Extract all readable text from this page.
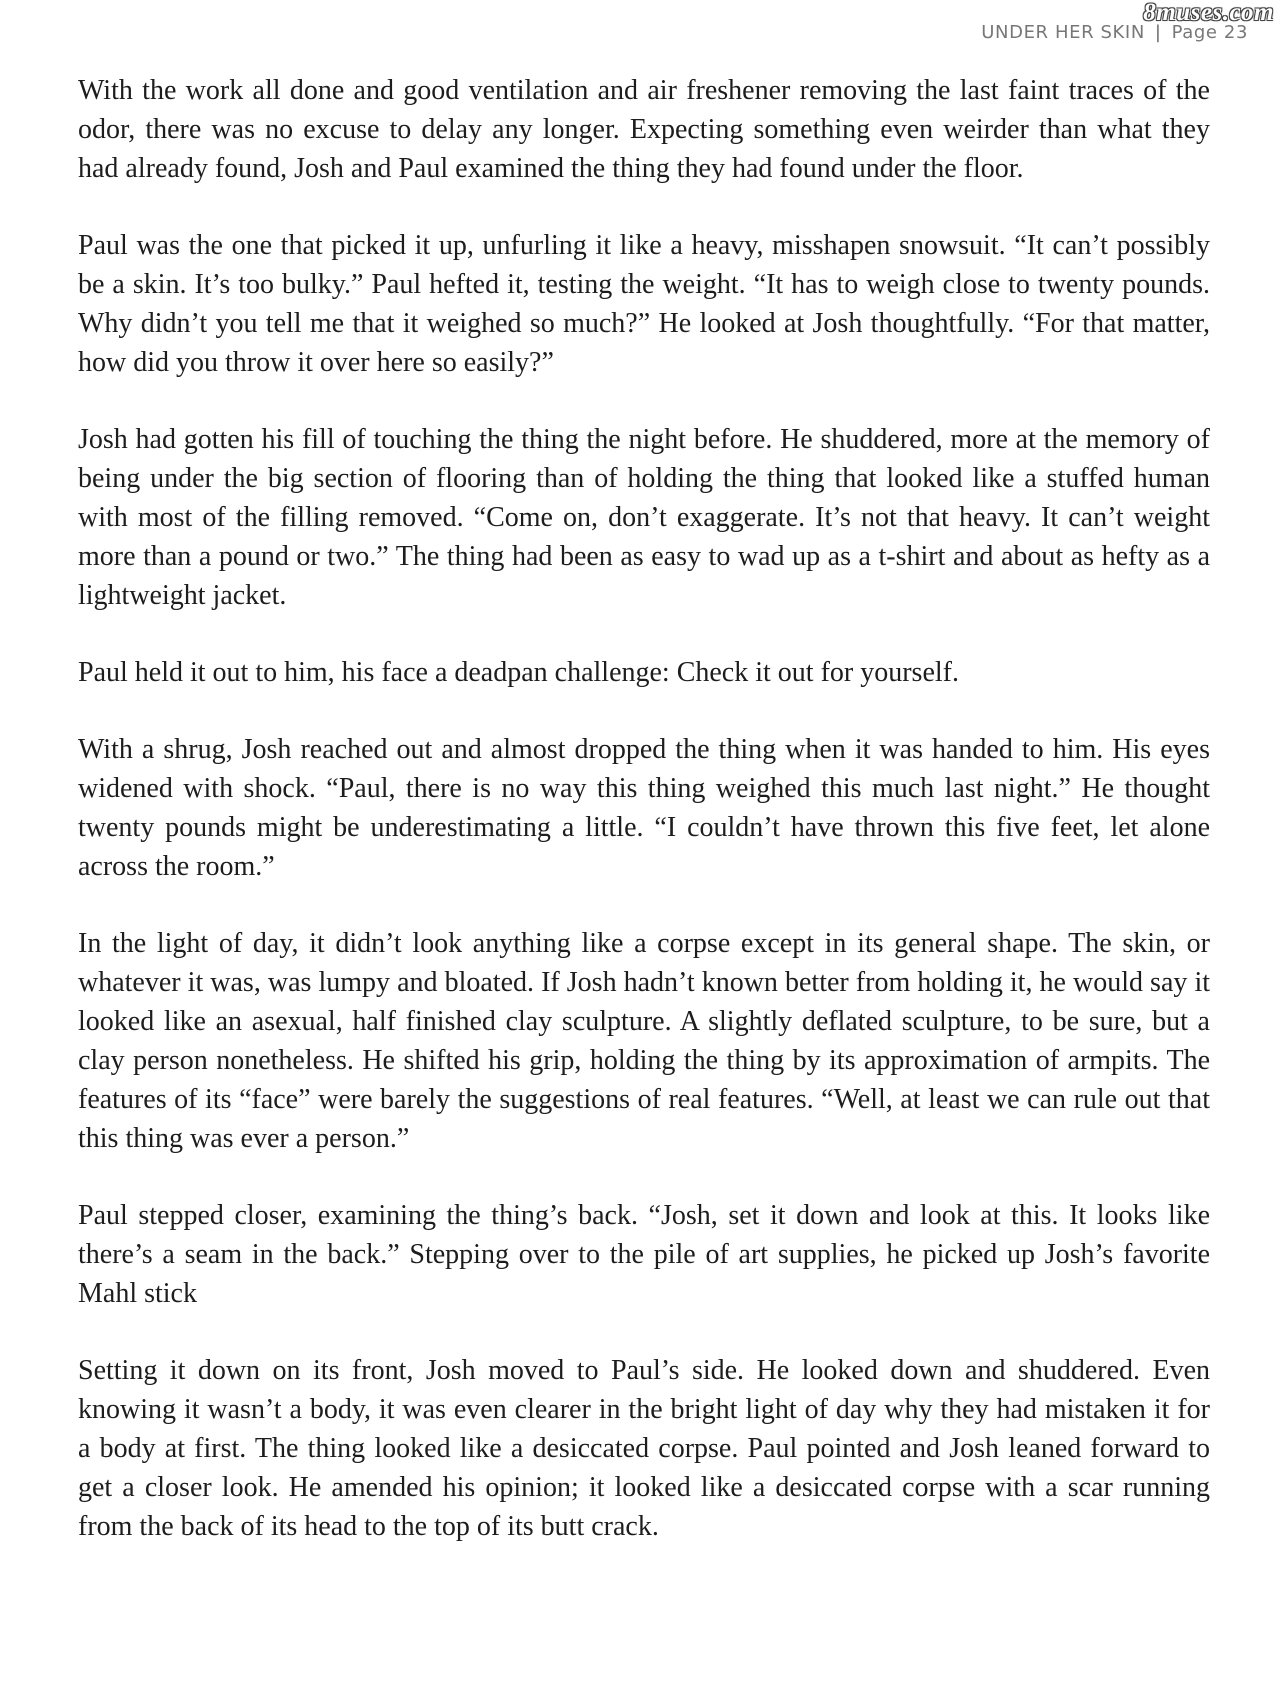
8muses.com
UNDER HER SKIN | Page 23

With the work all done and good ventilation and air freshener removing the last faint traces of the odor, there was no excuse to delay any longer. Expecting something even weirder than what they had already found, Josh and Paul examined the thing they had found under the floor.

Paul was the one that picked it up, unfurling it like a heavy, misshapen snowsuit. “It can’t possibly be a skin. It’s too bulky.” Paul hefted it, testing the weight. “It has to weigh close to twenty pounds. Why didn’t you tell me that it weighed so much?” He looked at Josh thoughtfully. “For that matter, how did you throw it over here so easily?”

Josh had gotten his fill of touching the thing the night before. He shuddered, more at the memory of being under the big section of flooring than of holding the thing that looked like a stuffed human with most of the filling removed. “Come on, don’t exaggerate. It’s not that heavy. It can’t weight more than a pound or two.” The thing had been as easy to wad up as a t-shirt and about as hefty as a lightweight jacket.

Paul held it out to him, his face a deadpan challenge: Check it out for yourself.

With a shrug, Josh reached out and almost dropped the thing when it was handed to him. His eyes widened with shock. “Paul, there is no way this thing weighed this much last night.” He thought twenty pounds might be underestimating a little. “I couldn’t have thrown this five feet, let alone across the room.”

In the light of day, it didn’t look anything like a corpse except in its general shape. The skin, or whatever it was, was lumpy and bloated. If Josh hadn’t known better from holding it, he would say it looked like an asexual, half finished clay sculpture. A slightly deflated sculpture, to be sure, but a clay person nonetheless. He shifted his grip, holding the thing by its approximation of armpits. The features of its “face” were barely the suggestions of real features. “Well, at least we can rule out that this thing was ever a person.”

Paul stepped closer, examining the thing’s back. “Josh, set it down and look at this. It looks like there’s a seam in the back.” Stepping over to the pile of art supplies, he picked up Josh’s favorite Mahl stick

Setting it down on its front, Josh moved to Paul’s side. He looked down and shuddered. Even knowing it wasn’t a body, it was even clearer in the bright light of day why they had mistaken it for a body at first. The thing looked like a desiccated corpse. Paul pointed and Josh leaned forward to get a closer look. He amended his opinion; it looked like a desiccated corpse with a scar running from the back of its head to the top of its butt crack.
